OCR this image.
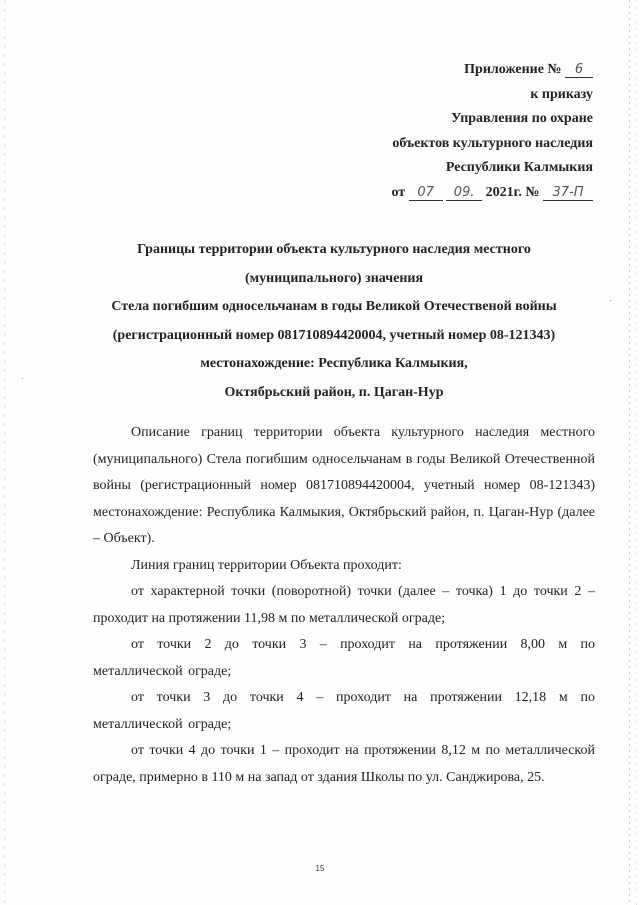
Приложение № 6
к приказу
Управления по охране
объектов культурного наследия
Республики Калмыкия
от 07 09. 2021г. № 37-П
Границы территории объекта культурного наследия местного
(муниципального) значения
Стела погибшим односельчанам в годы Великой Отечественой войны
(регистрационный номер 081710894420004, учетный номер 08-121343)
местонахождение: Республика Калмыкия,
Октябрьский район, п. Цаган-Нур

Описание границ территории объекта культурного наследия местного (муниципального) Стела погибшим односельчанам в годы Великой Отечественной войны (регистрационный номер 081710894420004, учетный номер 08-121343) местонахождение: Республика Калмыкия, Октябрьский район, п. Цаган-Нур (далее – Объект).

Линия границ территории Объекта проходит:

от характерной точки (поворотной) точки (далее – точка) 1 до точки 2 – проходит на протяжении 11,98 м по металлической ограде;

от точки 2 до точки 3 – проходит на протяжении 8,00 м по металлической ограде;

от точки 3 до точки 4 – проходит на протяжении 12,18 м по металлической ограде;

от точки 4 до точки 1 – проходит на протяжении 8,12 м по металлической ограде, примерно в 110 м на запад от здания Школы по ул. Санджирова, 25.

15
